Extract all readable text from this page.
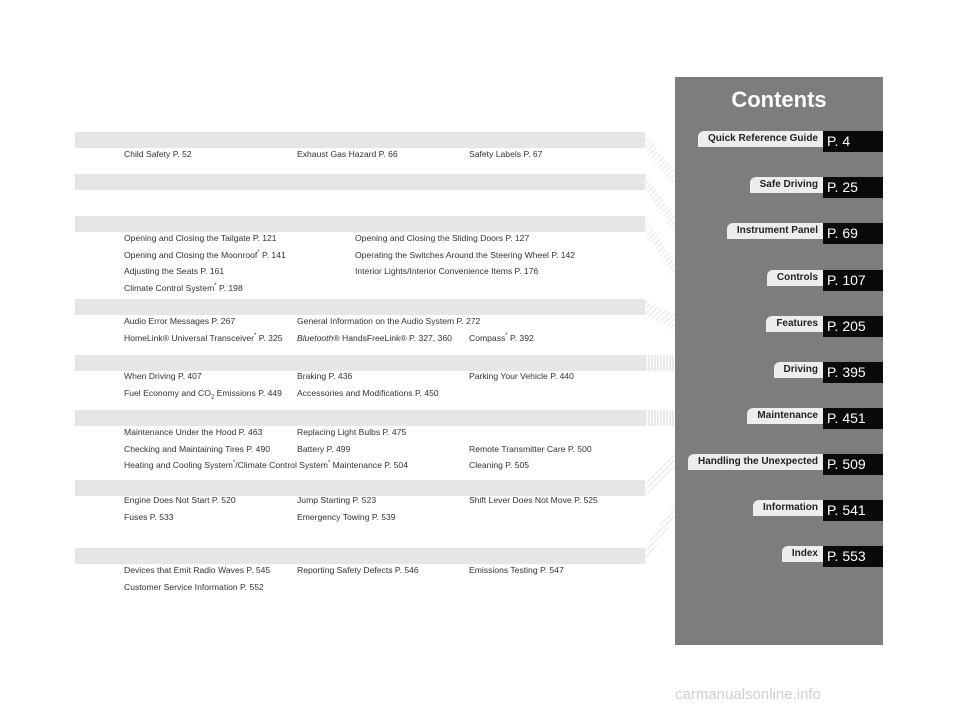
Child Safety P. 52	Exhaust Gas Hazard P. 66	Safety Labels P. 67
Opening and Closing the Tailgate P. 121	Opening and Closing the Sliding Doors P. 127
Opening and Closing the Moonroof* P. 141	Operating the Switches Around the Steering Wheel P. 142
Adjusting the Seats P. 161	Interior Lights/Interior Convenience Items P. 176
Climate Control System* P. 198
Audio Error Messages P. 267	General Information on the Audio System P. 272
HomeLink® Universal Transceiver* P. 325 Bluetooth® HandsFreeLink® P. 327, 360 Compass* P. 392
When Driving P. 407	Braking P. 436	Parking Your Vehicle P. 440
Fuel Economy and $CO_2$ Emissions P. 449 Accessories and Modifications P. 450
Maintenance Under the Hood P. 463	Replacing Light Bulbs P. 475
Checking and Maintaining Tires P. 490	Battery P. 499	Remote Transmitter Care P. 500
Heating and Cooling System*/Climate Control System* Maintenance P. 504	Cleaning P. 505
Engine Does Not Start P. 520	Jump Starting P. 523	Shift Lever Does Not Move P. 525
Fuses P. 533	Emergency Towing P. 539
Devices that Emit Radio Waves P. 545	Reporting Safety Defects P. 546	Emissions Testing P. 547
Customer Service Information P. 552
Contents
Quick Reference Guide P. 4
Safe Driving P. 25
Instrument Panel P. 69
Controls P. 107
Features P. 205
Driving P. 395
Maintenance P. 451
Handling the Unexpected P. 509
Information P. 541
Index P. 553
carmanualsonline.info
